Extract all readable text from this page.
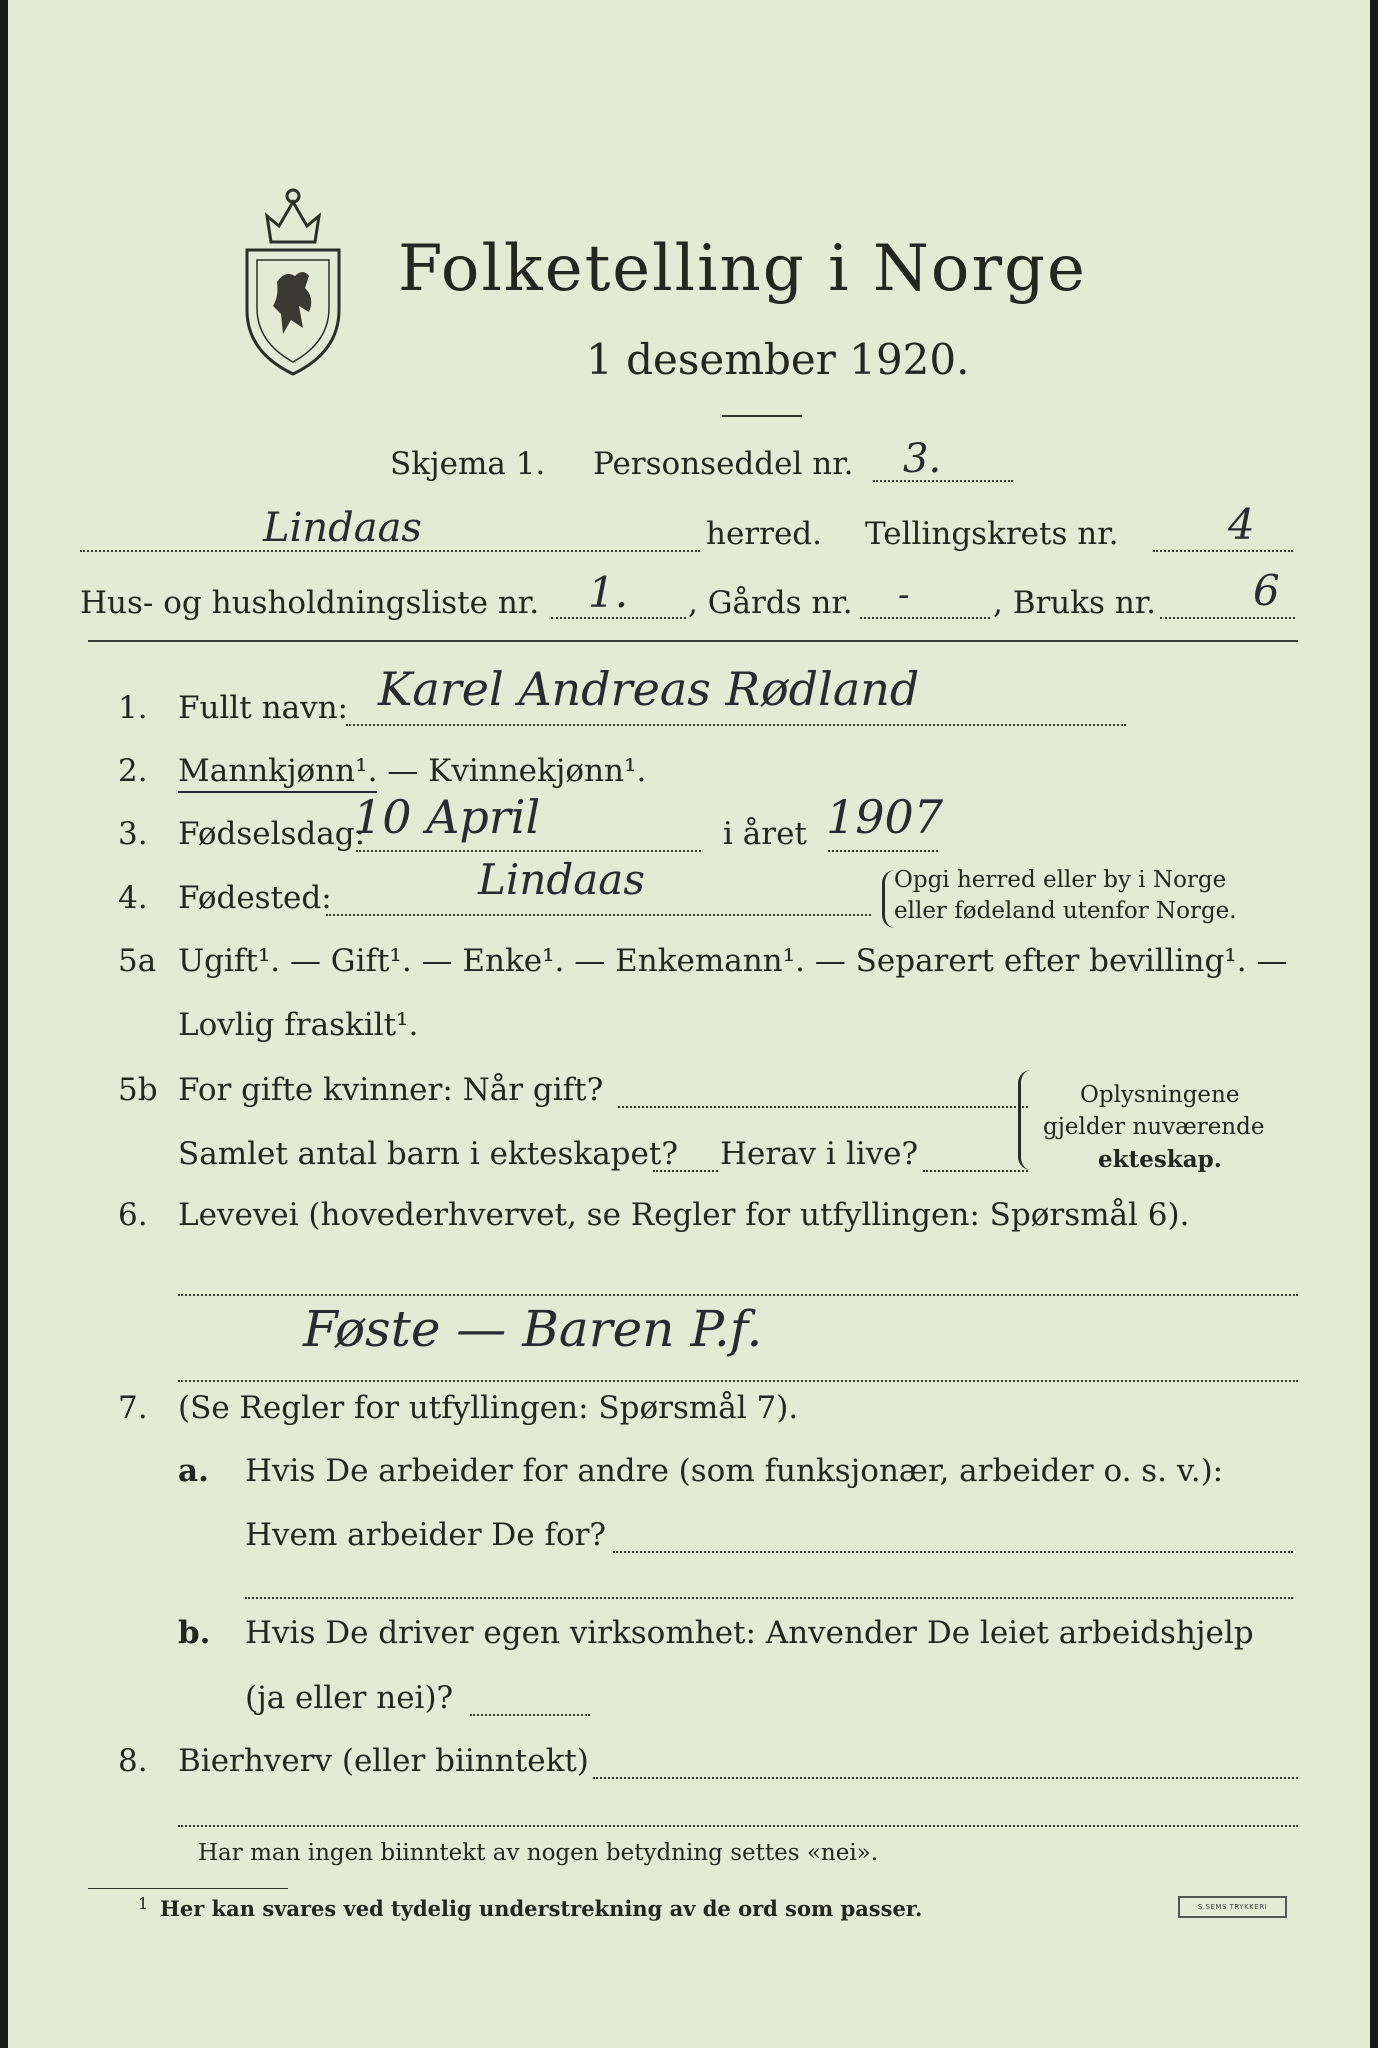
Folketelling i Norge
1 desember 1920.
Skjema 1. Personseddel nr. 3.
Lindaas	herred. Tellingskrets nr.	4
Hus- og husholdningsliste nr. 1. , Gårds nr. -	, Bruks nr. 6
1. Fullt navn: Karel Andreas Rødland
2. Mannkjønn¹. — Kvinnekjønn¹.
3. Fødselsdag:
10 April	i året 1907
4. Fødested:	Lindaas	Opgi herred eller by i Norge
eller fødeland utenfor Norge.
5a Ugift¹. — Gift¹. — Enke¹. — Enkemann¹. — Separert efter bevilling¹. —
Lovlig fraskilt¹.
5b For gifte kvinner: Når gift?
Samlet antal barn i ekteskapet? Herav i live?
Oplysningene
gjelder nuværende
ekteskap.
6. Levevei (hovederhvervet, se Regler for utfyllingen: Spørsmål 6).
Føste — Baren P.f.
7. (Se Regler for utfyllingen: Spørsmål 7).
a. Hvis De arbeider for andre (som funksjonær, arbeider o. s. v.):
Hvem arbeider De for?
b. Hvis De driver egen virksomhet: Anvender De leiet arbeidshjelp
(ja eller nei)?
8. Bierhverv (eller biinntekt)
Har man ingen biinntekt av nogen betydning settes «nei».
1 Her kan svares ved tydelig understrekning av de ord som passer.	S.SEMS TRYKKERI
